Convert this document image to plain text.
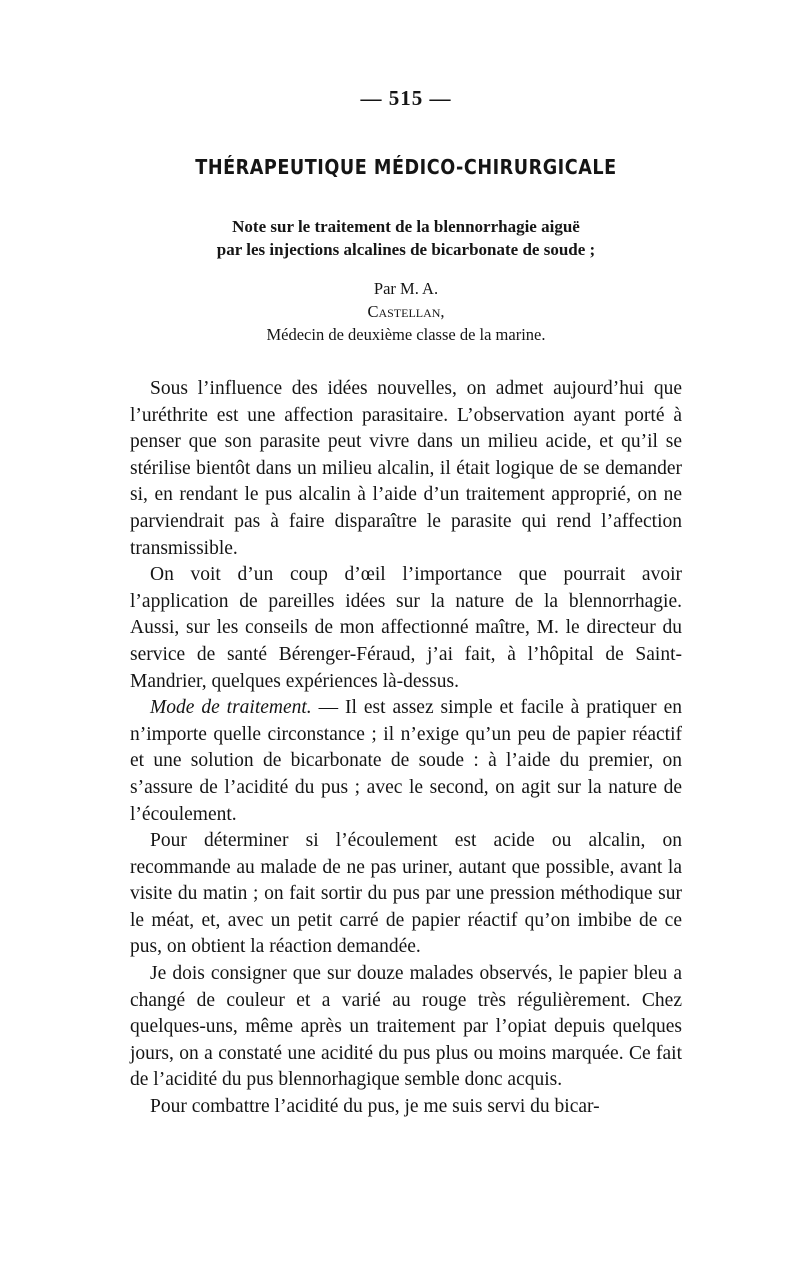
— 515 —
THÉRAPEUTIQUE MÉDICO-CHIRURGICALE
Note sur le traitement de la blennorrhagie aiguë
par les injections alcalines de bicarbonate de soude ;
Par M. A.
Castellan,
Médecin de deuxième classe de la marine.

Sous l’influence des idées nouvelles, on admet aujourd’hui que l’uréthrite est une affection parasitaire. L’observation ayant porté à penser que son parasite peut vivre dans un milieu acide, et qu’il se stérilise bientôt dans un milieu alcalin, il était logique de se demander si, en rendant le pus alcalin à l’aide d’un traitement approprié, on ne parviendrait pas à faire disparaître le parasite qui rend l’affection transmissible.

On voit d’un coup d’œil l’importance que pourrait avoir l’application de pareilles idées sur la nature de la blennorrhagie. Aussi, sur les conseils de mon affectionné maître, M. le directeur du service de santé Bérenger-Féraud, j’ai fait, à l’hôpital de Saint-Mandrier, quelques expériences là-dessus.

Mode de traitement. — Il est assez simple et facile à pratiquer en n’importe quelle circonstance ; il n’exige qu’un peu de papier réactif et une solution de bicarbonate de soude : à l’aide du premier, on s’assure de l’acidité du pus ; avec le second, on agit sur la nature de l’écoulement.

Pour déterminer si l’écoulement est acide ou alcalin, on recommande au malade de ne pas uriner, autant que possible, avant la visite du matin ; on fait sortir du pus par une pression méthodique sur le méat, et, avec un petit carré de papier réactif qu’on imbibe de ce pus, on obtient la réaction demandée.

Je dois consigner que sur douze malades observés, le papier bleu a changé de couleur et a varié au rouge très régulièrement. Chez quelques-uns, même après un traitement par l’opiat depuis quelques jours, on a constaté une acidité du pus plus ou moins marquée. Ce fait de l’acidité du pus blennorhagique semble donc acquis.

Pour combattre l’acidité du pus, je me suis servi du bicar-
